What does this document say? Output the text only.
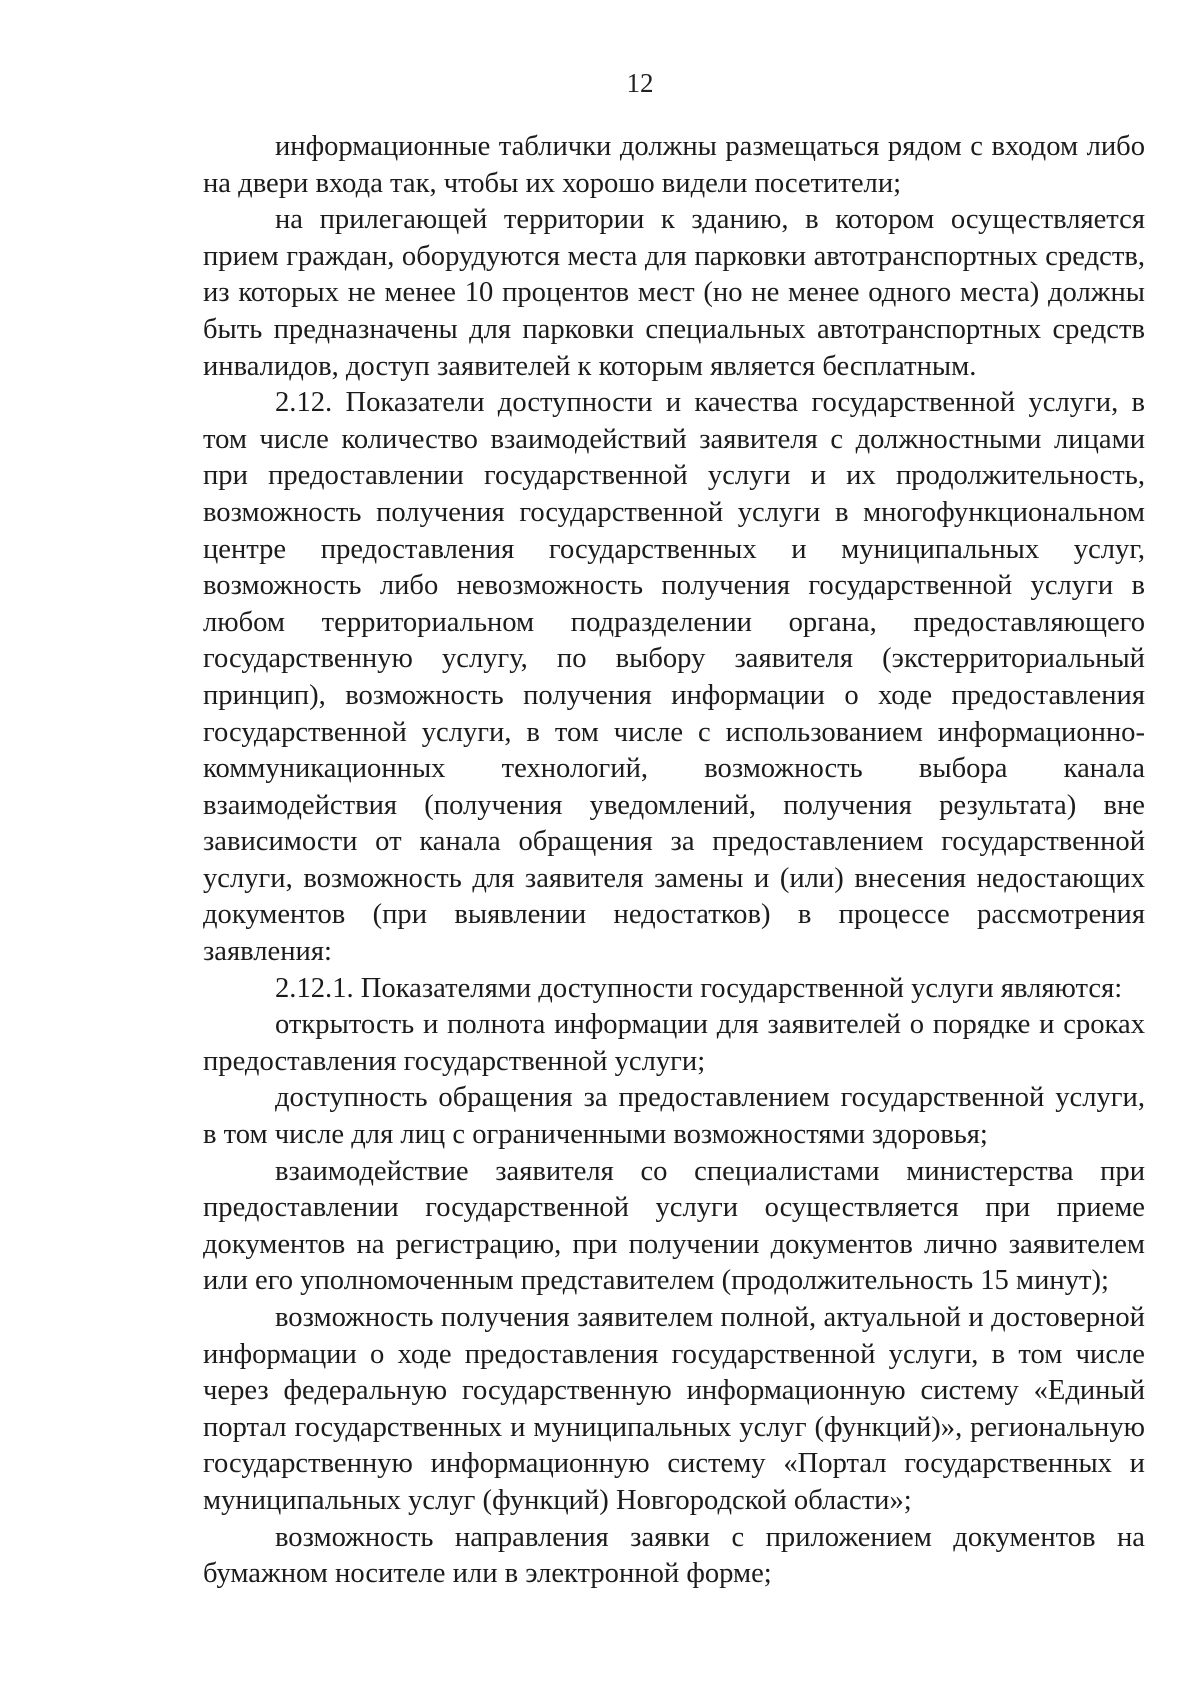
12

информационные таблички должны размещаться рядом с входом либо на двери входа так, чтобы их хорошо видели посетители;

на прилегающей территории к зданию, в котором осуществляется прием граждан, оборудуются места для парковки автотранспортных средств, из которых не менее 10 процентов мест (но не менее одного места) должны быть предназначены для парковки специальных автотранспортных средств инвалидов, доступ заявителей к которым является бесплатным.

2.12. Показатели доступности и качества государственной услуги, в том числе количество взаимодействий заявителя с должностными лицами при предоставлении государственной услуги и их продолжительность, возможность получения государственной услуги в многофункциональном центре предоставления государственных и муниципальных услуг, возможность либо невозможность получения государственной услуги в любом территориальном подразделении органа, предоставляющего государственную услугу, по выбору заявителя (экстерриториальный принцип), возможность получения информации о ходе предоставления государственной услуги, в том числе с использованием информационно-коммуникационных технологий, возможность выбора канала взаимодействия (получения уведомлений, получения результата) вне зависимости от канала обращения за предоставлением государственной услуги, возможность для заявителя замены и (или) внесения недостающих документов (при выявлении недостатков) в процессе рассмотрения заявления:

2.12.1. Показателями доступности государственной услуги являются:

открытость и полнота информации для заявителей о порядке и сроках предоставления государственной услуги;

доступность обращения за предоставлением государственной услуги, в том числе для лиц с ограниченными возможностями здоровья;

взаимодействие заявителя со специалистами министерства при предоставлении государственной услуги осуществляется при приеме документов на регистрацию, при получении документов лично заявителем или его уполномоченным представителем (продолжительность 15 минут);

возможность получения заявителем полной, актуальной и достоверной информации о ходе предоставления государственной услуги, в том числе через федеральную государственную информационную систему «Единый портал государственных и муниципальных услуг (функций)», региональную государственную информационную систему «Портал государственных и муниципальных услуг (функций) Новгородской области»;

возможность направления заявки с приложением документов на бумажном носителе или в электронной форме;
